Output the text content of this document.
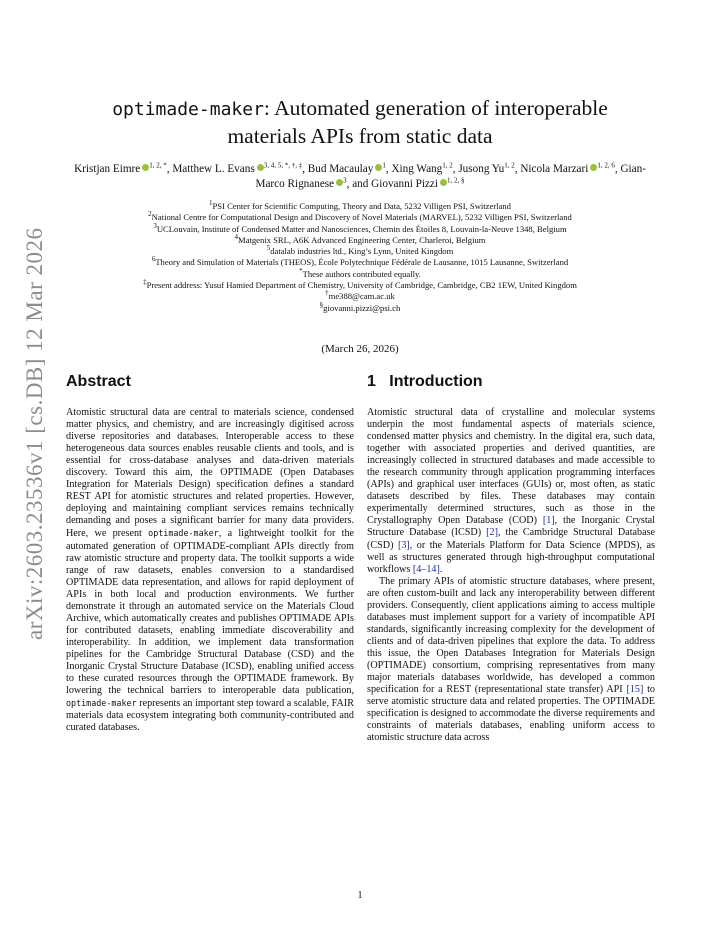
arXiv:2603.23536v1 [cs.DB] 12 Mar 2026
optimade-maker: Automated generation of interoperable
materials APIs from static data
Kristjan Eimre $^{1, 2, *}$, Matthew L. Evans $^{3, 4, 5, *, \dagger, \ddagger}$, Bud Macaulay $^1$, Xing Wang$^{1, 2}$, Jusong Yu$^{1, 2}$, Nicola Marzari $^{1, 2, 6}$, Gian-Marco Rignanese $^3$, and Giovanni Pizzi $^{1, 2, \S}$
$^1$PSI Center for Scientific Computing, Theory and Data, 5232 Villigen PSI, Switzerland
$^2$National Centre for Computational Design and Discovery of Novel Materials (MARVEL), 5232 Villigen PSI, Switzerland
$^3$UCLouvain, Institute of Condensed Matter and Nanosciences, Chemin des Étoiles 8, Louvain-la-Neuve 1348, Belgium
$^4$Matgenix SRL, A6K Advanced Engineering Center, Charleroi, Belgium
$^5$datalab industries ltd., King’s Lynn, United Kingdom
$^6$Theory and Simulation of Materials (THEOS), École Polytechnique Fédérale de Lausanne, 1015 Lausanne, Switzerland
*These authors contributed equally.
‡Present address: Yusuf Hamied Department of Chemistry, University of Cambridge, Cambridge, CB2 1EW, United Kingdom
†me388@cam.ac.uk
§giovanni.pizzi@psi.ch
(March 26, 2026)
Abstract

Atomistic structural data are central to materials science, condensed matter physics, and chemistry, and are increasingly digitised across diverse repositories and databases. Interoperable access to these heterogeneous data sources enables reusable clients and tools, and is essential for cross-database analyses and data-driven materials discovery. Toward this aim, the OPTIMADE (Open Databases Integration for Materials Design) specification defines a standard REST API for atomistic structures and related properties. However, deploying and maintaining compliant services remains technically demanding and poses a significant barrier for many data providers. Here, we present optimade-maker, a lightweight toolkit for the automated generation of OPTIMADE-compliant APIs directly from raw atomistic structure and property data. The toolkit supports a wide range of raw datasets, enables conversion to a standardised OPTIMADE data representation, and allows for rapid deployment of APIs in both local and production environments. We further demonstrate it through an automated service on the Materials Cloud Archive, which automatically creates and publishes OPTIMADE APIs for contributed datasets, enabling immediate discoverability and interoperability. In addition, we implement data transformation pipelines for the Cambridge Structural Database (CSD) and the Inorganic Crystal Structure Database (ICSD), enabling unified access to these curated resources through the OPTIMADE framework. By lowering the technical barriers to interoperable data publication, optimade-maker represents an important step toward a scalable, FAIR materials data ecosystem integrating both community-contributed and curated databases.

1 Introduction

Atomistic structural data of crystalline and molecular systems underpin the most fundamental aspects of materials science, condensed matter physics and chemistry. In the digital era, such data, together with associated properties and derived quantities, are increasingly collected in structured databases and made accessible to the research community through application programming interfaces (APIs) and graphical user interfaces (GUIs) or, most often, as static datasets described by files. These databases may contain experimentally determined structures, such as those in the Crystallography Open Database (COD) [1], the Inorganic Crystal Structure Database (ICSD) [2], the Cambridge Structural Database (CSD) [3], or the Materials Platform for Data Science (MPDS), as well as structures generated through high-throughput computational workflows [4–14].

The primary APIs of atomistic structure databases, where present, are often custom-built and lack any interoperability between different providers. Consequently, client applications aiming to access multiple databases must implement support for a variety of incompatible API standards, significantly increasing complexity for the development of clients and of data-driven pipelines that explore the data. To address this issue, the Open Databases Integration for Materials Design (OPTIMADE) consortium, comprising representatives from many major materials databases worldwide, has developed a common specification for a REST (representational state transfer) API [15] to serve atomistic structure data and related properties. The OPTIMADE specification is designed to accommodate the diverse requirements and constraints of materials databases, enabling uniform access to atomistic structure data across

1
